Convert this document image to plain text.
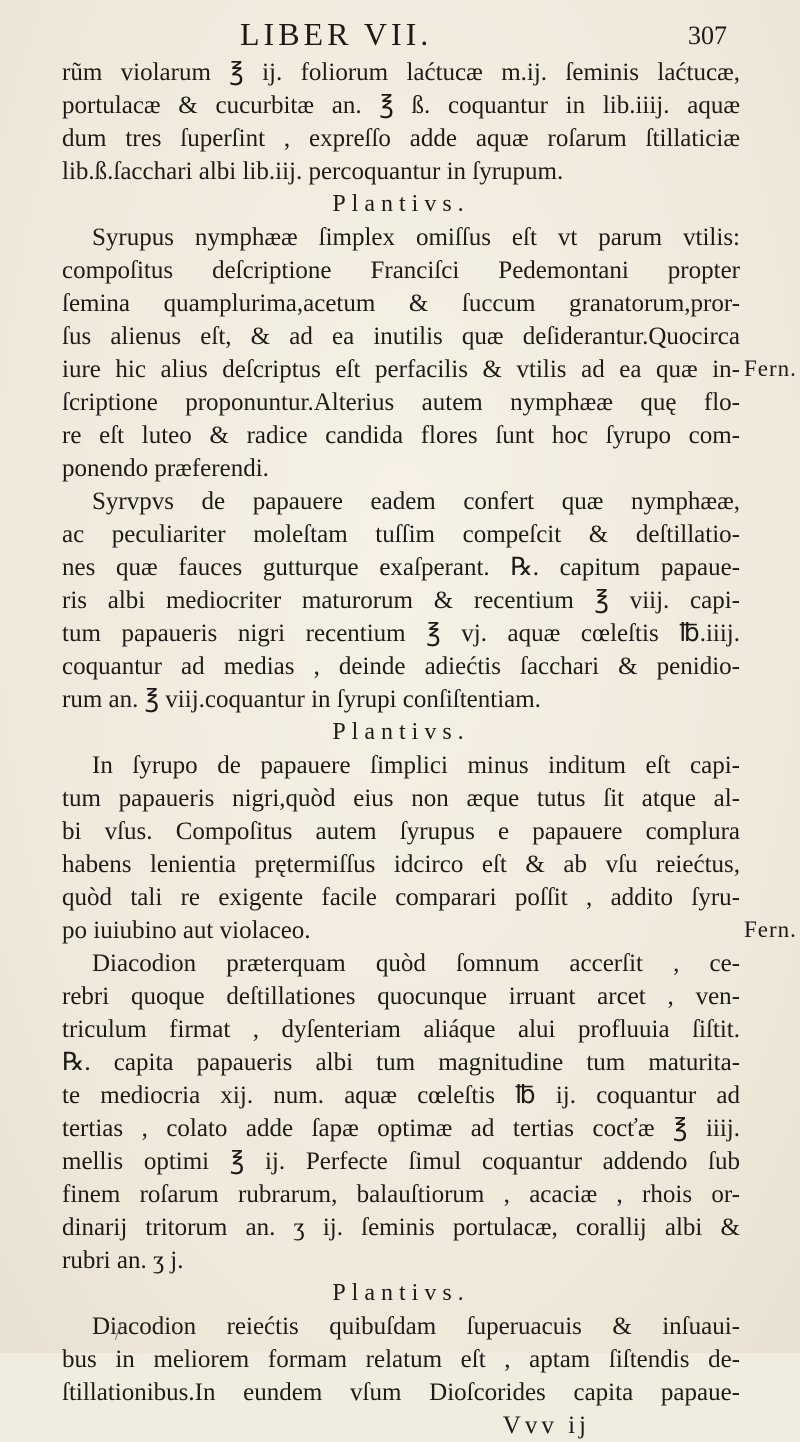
LIBER VII.	307
rũm violarum ℥ ij. foliorum laćtucæ m.ij. ſeminis laćtucæ,
portulacæ & cucurbitæ an. ℥ ß. coquantur in lib.iiij. aquæ
dum tres ſuperſint , expreſſo adde aquæ roſarum ſtillaticiæ
lib.ß.ſacchari albi lib.iij. percoquantur in ſyrupum.
Plantivs.
Syrupus nymphææ ſimplex omiſſus eſt vt parum vtilis:
compoſitus deſcriptione Franciſci Pedemontani propter
ſemina quamplurima,acetum & ſuccum granatorum,pror-
ſus alienus eſt, & ad ea inutilis quæ deſiderantur.Quocirca
iure hic alius deſcriptus eſt perfacilis & vtilis ad ea quæ in-
ſcriptione proponuntur.Alterius autem nymphææ quę flo-
re eſt luteo & radice candida flores ſunt hoc ſyrupo com-
ponendo præferendi.
Syrvpvs de papauere eadem confert quæ nymphææ,
ac peculiariter moleſtam tuſſim compeſcit & deſtillatio-
nes quæ fauces gutturque exaſperant. ℞. capitum papaue-
ris albi mediocriter maturorum & recentium ℥ viij. capi-
tum papaueris nigri recentium ℥ vj. aquæ cœleſtis ℔.iiij.
coquantur ad medias , deinde adiećtis ſacchari & penidio-
rum an. ℥ viij.coquantur in ſyrupi conſiſtentiam.
Plantivs.
In ſyrupo de papauere ſimplici minus inditum eſt capi-
tum papaueris nigri,quòd eius non æque tutus ſit atque al-
bi vſus. Compoſitus autem ſyrupus e papauere complura
habens lenientia prętermiſſus idcirco eſt & ab vſu reiećtus,
quòd tali re exigente facile comparari poſſit , addito ſyru-
po iuiubino aut violaceo.
Diacodion præterquam quòd ſomnum accerſit , ce-
rebri quoque deſtillationes quocunque irruant arcet , ven-
triculum firmat , dyſenteriam aliáque alui profluuia ſiſtit.
℞. capita papaueris albi tum magnitudine tum maturita-
te mediocria xij. num. aquæ cœleſtis ℔ ij. coquantur ad
tertias , colato adde ſapæ optimæ ad tertias cocťæ ℥ iiij.
mellis optimi ℥ ij. Perfecte ſimul coquantur addendo ſub
finem roſarum rubrarum, balauſtiorum , acaciæ , rhois or-
dinarij tritorum an. ʒ ij. ſeminis portulacæ, corallij albi &
rubri an. ʒ j.
Plantivs.
Diacodion reiećtis quibuſdam ſuperuacuis & inſuaui-
bus in meliorem formam relatum eſt , aptam ſiſtendis de-
ſtillationibus.In eundem vſum Dioſcorides capita papaue-
Vvv ij
Fern.
Fern.
